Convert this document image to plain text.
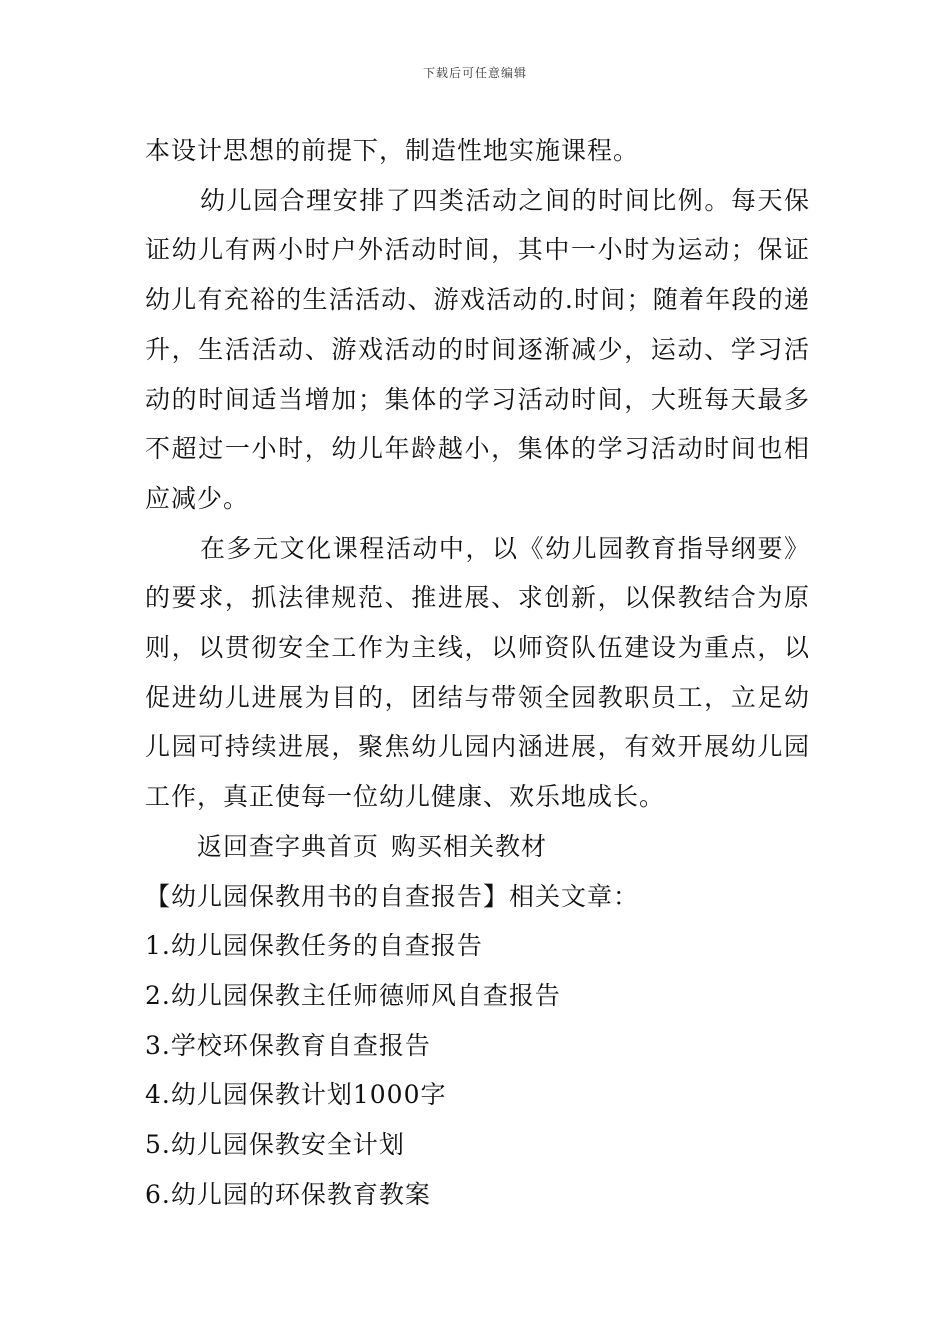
下载后可任意编辑

本设计思想的前提下，制造性地实施课程。

幼儿园合理安排了四类活动之间的时间比例。每天保证幼儿有两小时户外活动时间，其中一小时为运动；保证幼儿有充裕的生活活动、游戏活动的.时间；随着年段的递升，生活活动、游戏活动的时间逐渐减少，运动、学习活动的时间适当增加；集体的学习活动时间，大班每天最多不超过一小时，幼儿年龄越小，集体的学习活动时间也相应减少。

在多元文化课程活动中，以《幼儿园教育指导纲要》的要求，抓法律规范、推进展、求创新，以保教结合为原则，以贯彻安全工作为主线，以师资队伍建设为重点，以促进幼儿进展为目的，团结与带领全园教职员工，立足幼儿园可持续进展，聚焦幼儿园内涵进展，有效开展幼儿园工作，真正使每一位幼儿健康、欢乐地成长。

返回查字典首页 购买相关教材

【幼儿园保教用书的自查报告】相关文章：

1.幼儿园保教任务的自查报告
2.幼儿园保教主任师德师风自查报告
3.学校环保教育自查报告
4.幼儿园保教计划1000字
5.幼儿园保教安全计划
6.幼儿园的环保教育教案
